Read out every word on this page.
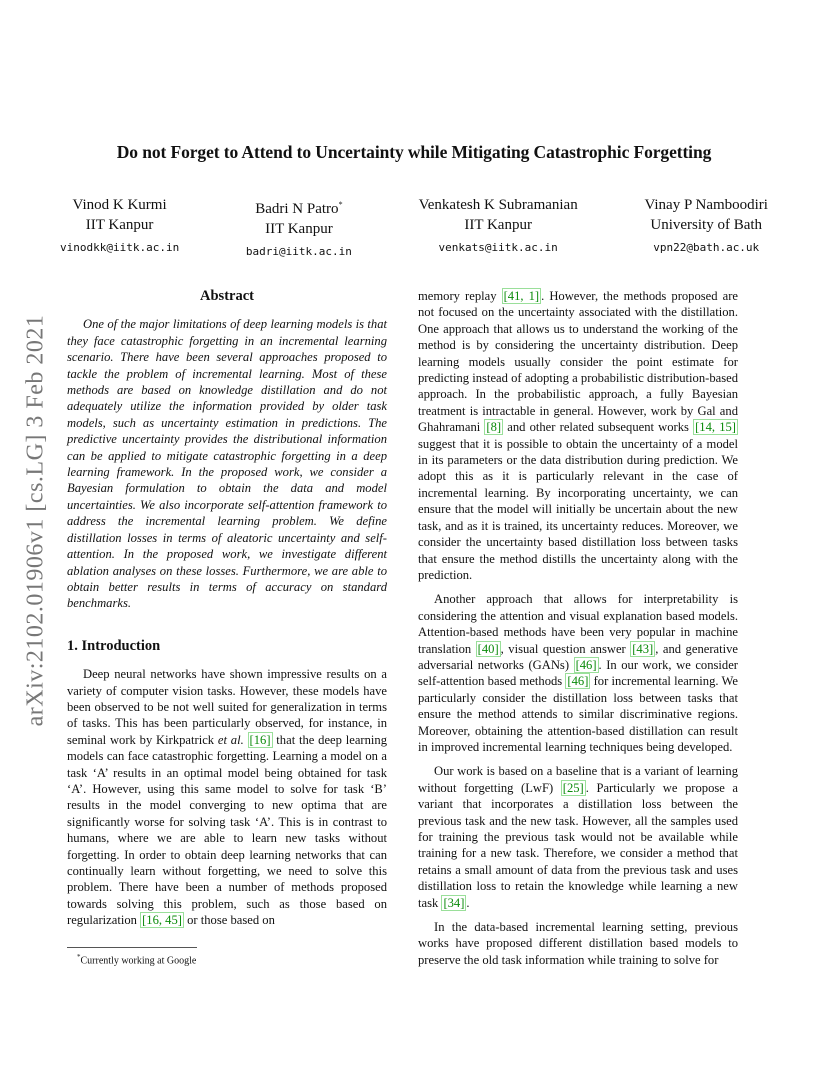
Do not Forget to Attend to Uncertainty while Mitigating Catastrophic Forgetting
Vinod K Kurmi
IIT Kanpur
vinodkk@iitk.ac.in
Badri N Patro*
IIT Kanpur
badri@iitk.ac.in
Venkatesh K Subramanian
IIT Kanpur
venkats@iitk.ac.in
Vinay P Namboodiri
University of Bath
vpn22@bath.ac.uk
arXiv:2102.01906v1 [cs.LG] 3 Feb 2021
Abstract

One of the major limitations of deep learning models is that they face catastrophic forgetting in an incremental learning scenario. There have been several approaches proposed to tackle the problem of incremental learning. Most of these methods are based on knowledge distillation and do not adequately utilize the information provided by older task models, such as uncertainty estimation in predictions. The predictive uncertainty provides the distributional information can be applied to mitigate catastrophic forgetting in a deep learning framework. In the proposed work, we consider a Bayesian formulation to obtain the data and model uncertainties. We also incorporate self-attention framework to address the incremental learning problem. We define distillation losses in terms of aleatoric uncertainty and self-attention. In the proposed work, we investigate different ablation analyses on these losses. Furthermore, we are able to obtain better results in terms of accuracy on standard benchmarks.

1. Introduction

Deep neural networks have shown impressive results on a variety of computer vision tasks. However, these models have been observed to be not well suited for generalization in terms of tasks. This has been particularly observed, for instance, in seminal work by Kirkpatrick et al. [16] that the deep learning models can face catastrophic forgetting. Learning a model on a task ‘A’ results in an optimal model being obtained for task ‘A’. However, using this same model to solve for task ‘B’ results in the model converging to new optima that are significantly worse for solving task ‘A’. This is in contrast to humans, where we are able to learn new tasks without forgetting. In order to obtain deep learning networks that can continually learn without forgetting, we need to solve this problem. There have been a number of methods proposed towards solving this problem, such as those based on regularization [16, 45] or those based on

memory replay [41, 1] . However, the methods proposed are not focused on the uncertainty associated with the distillation. One approach that allows us to understand the working of the method is by considering the uncertainty distribution. Deep learning models usually consider the point estimate for predicting instead of adopting a probabilistic distribution-based approach. In the probabilistic approach, a fully Bayesian treatment is intractable in general. However, work by Gal and Ghahramani [8] and other related subsequent works [14, 15] suggest that it is possible to obtain the uncertainty of a model in its parameters or the data distribution during prediction. We adopt this as it is particularly relevant in the case of incremental learning. By incorporating uncertainty, we can ensure that the model will initially be uncertain about the new task, and as it is trained, its uncertainty reduces. Moreover, we consider the uncertainty based distillation loss between tasks that ensure the method distills the uncertainty along with the prediction.

Another approach that allows for interpretability is considering the attention and visual explanation based models. Attention-based methods have been very popular in machine translation [40] , visual question answer [43] , and generative adversarial networks (GANs) [46] . In our work, we consider self-attention based methods [46] for incremental learning. We particularly consider the distillation loss between tasks that ensure the method attends to similar discriminative regions. Moreover, obtaining the attention-based distillation can result in improved incremental learning techniques being developed.

Our work is based on a baseline that is a variant of learning without forgetting (LwF) [25] . Particularly we propose a variant that incorporates a distillation loss between the previous task and the new task. However, all the samples used for training the previous task would not be available while training for a new task. Therefore, we consider a method that retains a small amount of data from the previous task and uses distillation loss to retain the knowledge while learning a new task [34] .

In the data-based incremental learning setting, previous works have proposed different distillation based models to preserve the old task information while training to solve for

*Currently working at Google
